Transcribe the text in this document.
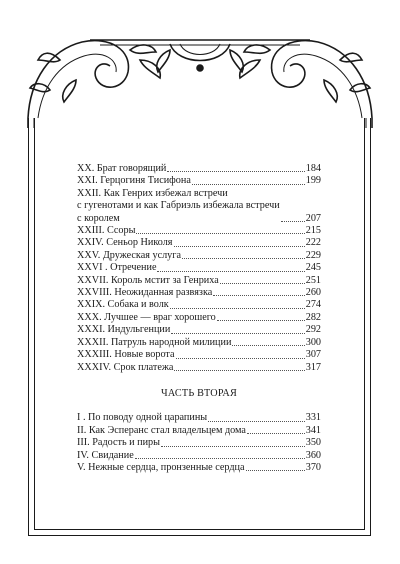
XX. Брат говорящий	184
XXI. Герцогиня Тисифона	199
XXII. Как Генрих избежал встречи
с гугенотами и как Габриэль избежала встречи
с королем	207
XXIII. Ссоры	215
XXIV. Сеньор Николя	222
XXV. Дружеская услуга	229
XXVI . Отречение	245
XXVII. Король мстит за Генриха	251
XXVIII. Неожиданная развязка	260
XXIX. Собака и волк	274
XXX. Лучшее — враг хорошего	282
XXXI. Индульгенции	292
XXXII. Патруль народной милиции	300
XXXIII. Новые ворота	307
XXXIV. Срок платежа	317
ЧАСТЬ ВТОРАЯ
I . По поводу одной царапины	331
II. Как Эсперанс стал владельцем дома	341
III. Радость и пиры	350
IV. Свидание	360
V. Нежные сердца, пронзенные сердца	370
